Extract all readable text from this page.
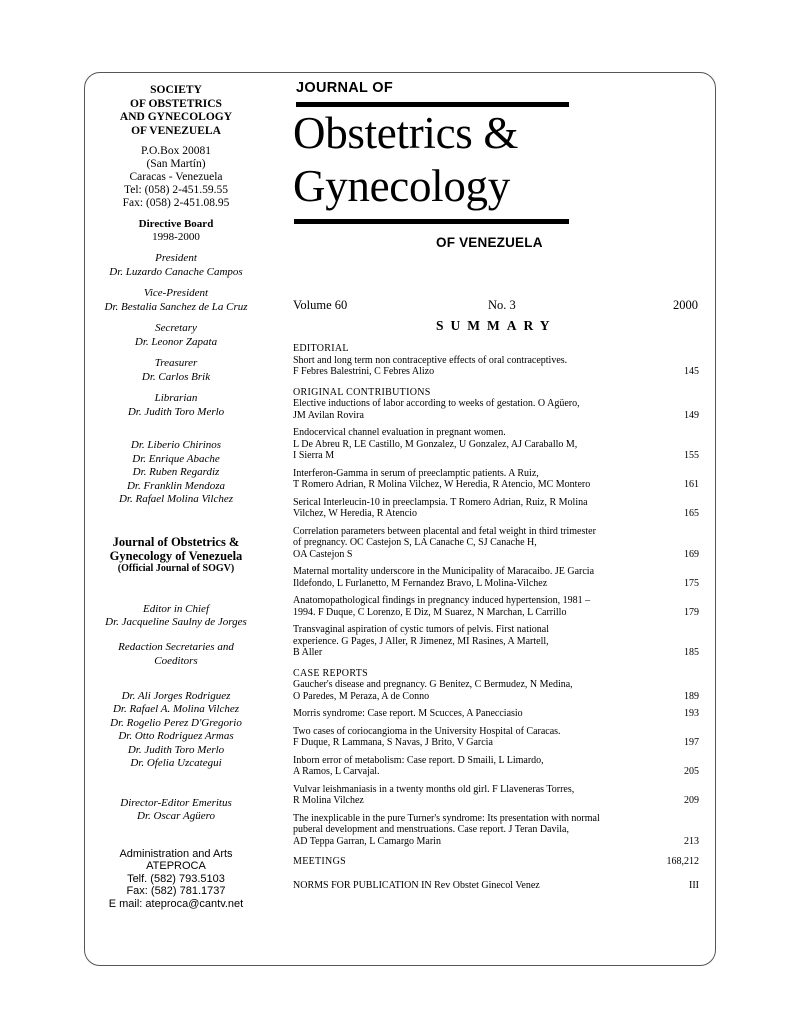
SOCIETY
OF OBSTETRICS
AND GYNECOLOGY
OF VENEZUELA
P.O.Box 20081
(San Martín)
Caracas - Venezuela
Tel: (058) 2-451.59.55
Fax: (058) 2-451.08.95
Directive Board
1998-2000
President
Dr. Luzardo Canache Campos
Vice-President
Dr. Bestalia Sanchez de La Cruz
Secretary
Dr. Leonor Zapata
Treasurer
Dr. Carlos Brik
Librarian
Dr. Judith Toro Merlo
Dr. Liberio Chirinos
Dr. Enrique Abache
Dr. Ruben Regardiz
Dr. Franklin Mendoza
Dr. Rafael Molina Vilchez
Journal of Obstetrics &
Gynecology of Venezuela
(Official Journal of SOGV)
Editor in Chief
Dr. Jacqueline Saulny de Jorges
Redaction Secretaries and
Coeditors
Dr. Ali Jorges Rodriguez
Dr. Rafael A. Molina Vilchez
Dr. Rogelio Perez D'Gregorio
Dr. Otto Rodriguez Armas
Dr. Judith Toro Merlo
Dr. Ofelia Uzcategui
Director-Editor Emeritus
Dr. Oscar Agüero
Administration and Arts
ATEPROCA
Telf. (582) 793.5103
Fax: (582) 781.1737
E mail: ateproca@cantv.net
JOURNAL OF
Obstetrics &
Gynecology
OF VENEZUELA
Volume 60	No. 3	2000
SUMMARY
EDITORIAL
Short and long term non contraceptive effects of oral contraceptives.
F Febres Balestrini, C Febres Alizo	145
ORIGINAL CONTRIBUTIONS
Elective inductions of labor according to weeks of gestation. O Agüero,
JM Avilan Rovira	149
Endocervical channel evaluation in pregnant women.
L De Abreu R, LE Castillo, M Gonzalez, U Gonzalez, AJ Caraballo M,
I Sierra M	155
Interferon-Gamma in serum of preeclamptic patients. A Ruiz,
T Romero Adrian, R Molina Vilchez, W Heredia, R Atencio, MC Montero	161
Serical Interleucin-10 in preeclampsia. T Romero Adrian, Ruiz, R Molina
Vilchez, W Heredia, R Atencio	165
Correlation parameters between placental and fetal weight in third trimester
of pregnancy. OC Castejon S, LA Canache C, SJ Canache H,
OA Castejon S	169
Maternal mortality underscore in the Municipality of Maracaibo. JE Garcia
Ildefondo, L Furlanetto, M Fernandez Bravo, L Molina-Vilchez	175
Anatomopathological findings in pregnancy induced hypertension, 1981 –
1994. F Duque, C Lorenzo, E Diz, M Suarez, N Marchan, L Carrillo	179
Transvaginal aspiration of cystic tumors of pelvis. First national
experience. G Pages, J Aller, R Jimenez, MI Rasines, A Martell,
B Aller	185
CASE REPORTS
Gaucher's disease and pregnancy. G Benitez, C Bermudez, N Medina,
O Paredes, M Peraza, A de Conno	189
Morris syndrome: Case report. M Scucces, A Panecciasio	193
Two cases of coriocangioma in the University Hospital of Caracas.
F Duque, R Lammana, S Navas, J Brito, V Garcia	197
Inborn error of metabolism: Case report. D Smaili, L Limardo,
A Ramos, L Carvajal.	205
Vulvar leishmaniasis in a twenty months old girl. F Llaveneras Torres,
R Molina Vilchez	209
The inexplicable in the pure Turner's syndrome: Its presentation with normal
puberal development and menstruations. Case report. J Teran Davila,
AD Teppa Garran, L Camargo Marin	213
MEETINGS	168,212
NORMS FOR PUBLICATION IN Rev Obstet Ginecol Venez	III
